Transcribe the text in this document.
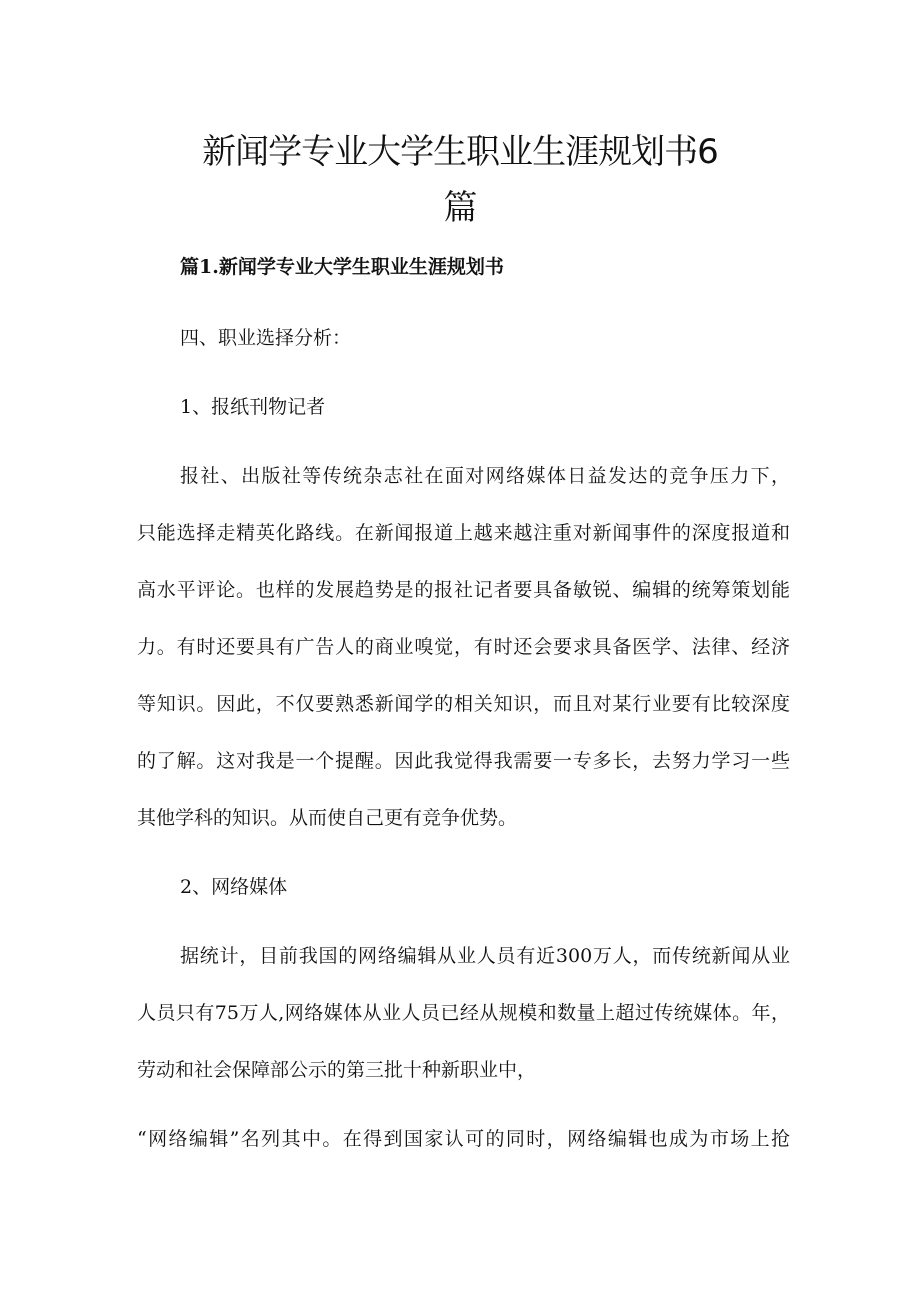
新闻学专业大学生职业生涯规划书6
篇
篇1.新闻学专业大学生职业生涯规划书
四、职业选择分析：
1、报纸刊物记者
报社、出版社等传统杂志社在面对网络媒体日益发达的竞争压力下，
只能选择走精英化路线。在新闻报道上越来越注重对新闻事件的深度报道和
高水平评论。也样的发展趋势是的报社记者要具备敏锐、编辑的统筹策划能
力。有时还要具有广告人的商业嗅觉，有时还会要求具备医学、法律、经济
等知识。因此，不仅要熟悉新闻学的相关知识，而且对某行业要有比较深度
的了解。这对我是一个提醒。因此我觉得我需要一专多长，去努力学习一些
其他学科的知识。从而使自己更有竞争优势。
2、网络媒体
据统计，目前我国的网络编辑从业人员有近300万人，而传统新闻从业
人员只有75万人,网络媒体从业人员已经从规模和数量上超过传统媒体。年，
劳动和社会保障部公示的第三批十种新职业中，
“网络编辑”名列其中。在得到国家认可的同时，网络编辑也成为市场上抢
